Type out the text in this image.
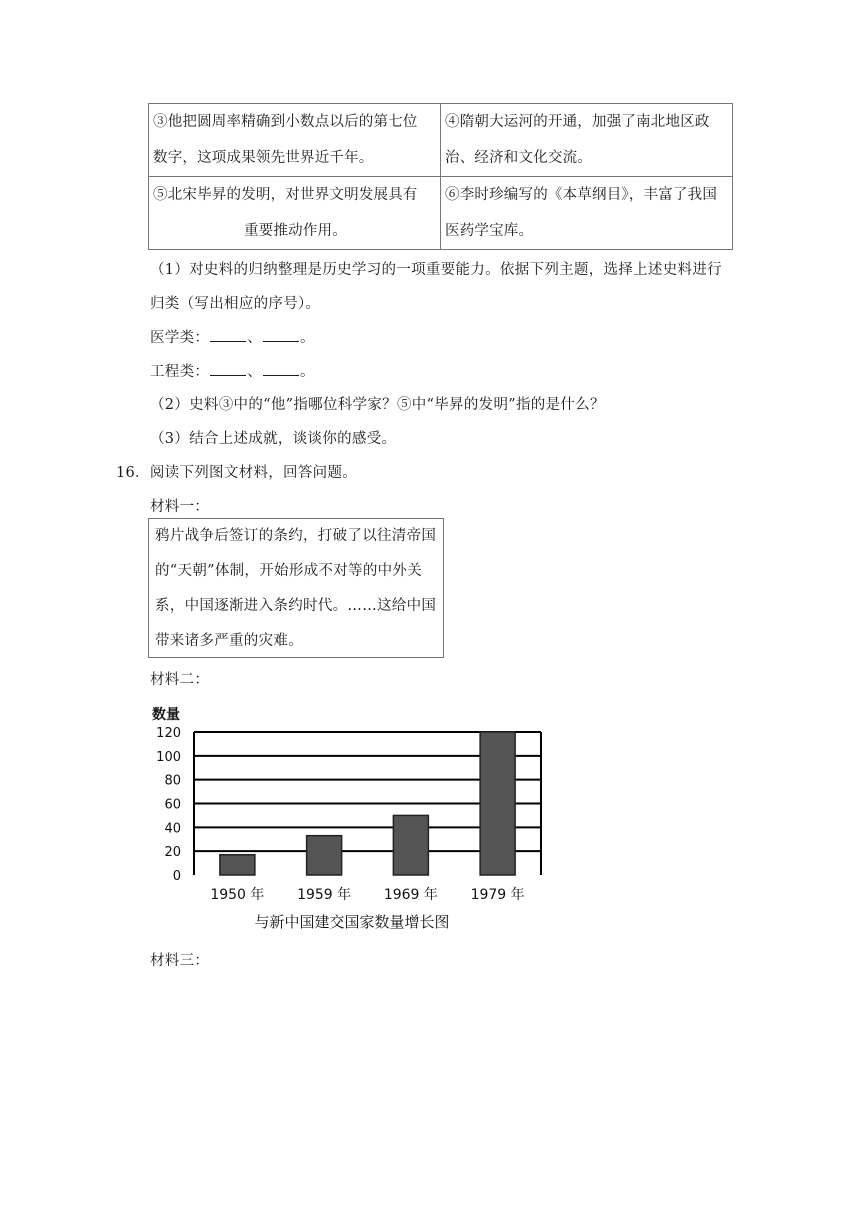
③他把圆周率精确到小数点以后的第七位
数字，这项成果领先世界近千年。	④隋朝大运河的开通，加强了南北地区政
治、经济和文化交流。

⑤北宋毕昇的发明，对世界文明发展具有
重要推动作用。	⑥李时珍编写的《本草纲目》，丰富了我国
医药学宝库。
（1）对史料的归纳整理是历史学习的一项重要能力。依据下列主题，选择上述史料进行
归类（写出相应的序号）。
医学类：	、	。
工程类：	、	。
（2）史料③中的“他”指哪位科学家？⑤中“毕昇的发明”指的是什么？
（3）结合上述成就，谈谈你的感受。
16．阅读下列图文材料，回答问题。
材料一：
鸦片战争后签订的条约，打破了以往清帝国
的“天朝”体制，开始形成不对等的中外关
系，中国逐渐进入条约时代。……这给中国
带来诸多严重的灾难。
材料二：
数量
0
20
40
60
80
100
120
1950 年 1959 年 1969 年 1979 年
与新中国建交国家数量增长图
材料三：
